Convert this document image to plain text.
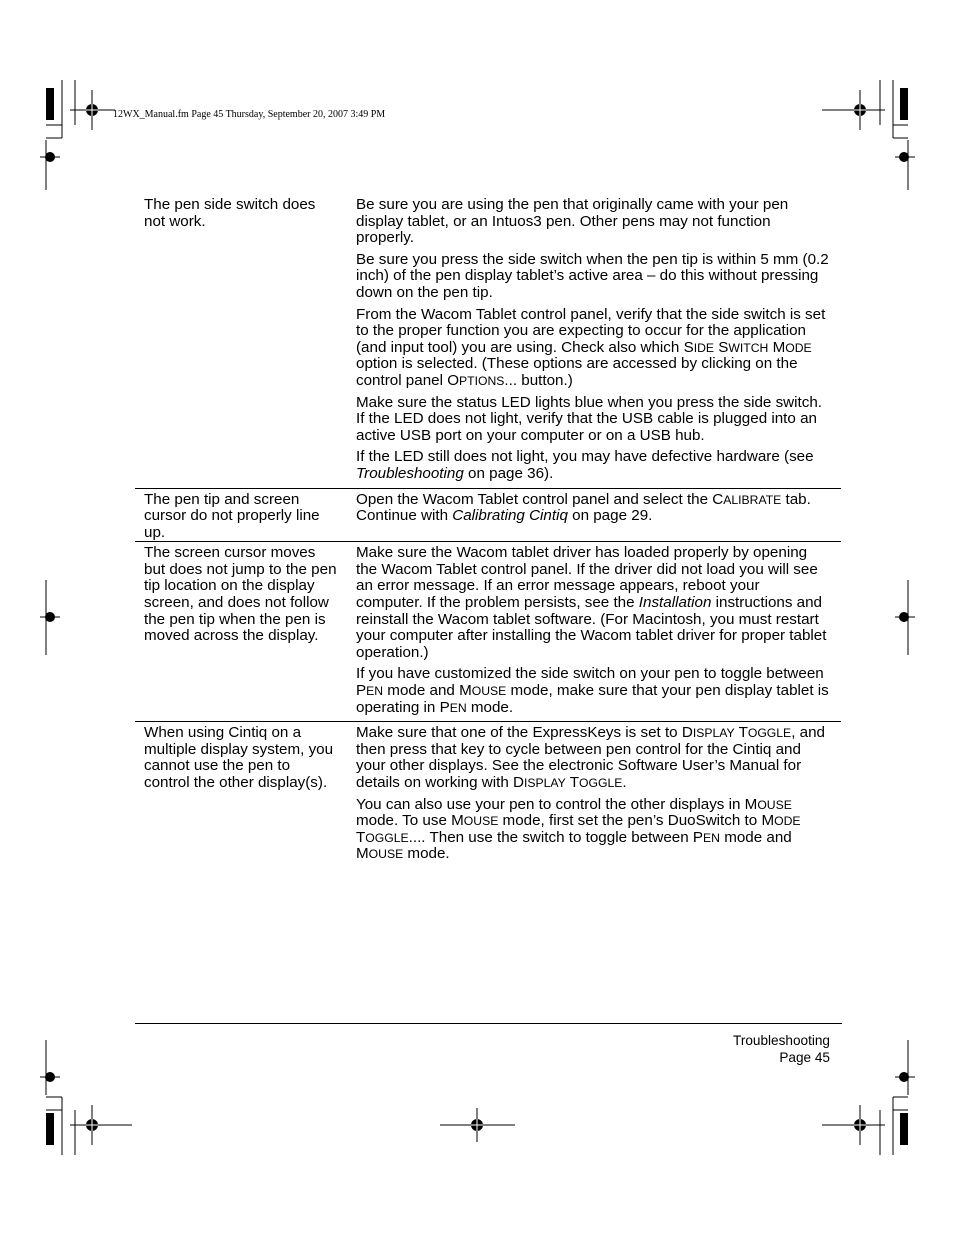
12WX_Manual.fm Page 45 Thursday, September 20, 2007 3:49 PM
The pen side switch does not work.

Be sure you are using the pen that originally came with your pen display tablet, or an Intuos3 pen. Other pens may not function properly.

Be sure you press the side switch when the pen tip is within 5 mm (0.2 inch) of the pen display tablet’s active area – do this without pressing down on the pen tip.

From the Wacom Tablet control panel, verify that the side switch is set to the proper function you are expecting to occur for the application (and input tool) you are using. Check also which SIDE SWITCH MODE option is selected. (These options are accessed by clicking on the control panel OPTIONS... button.)

Make sure the status LED lights blue when you press the side switch. If the LED does not light, verify that the USB cable is plugged into an active USB port on your computer or on a USB hub.

If the LED still does not light, you may have defective hardware (see Troubleshooting on page 36).

The pen tip and screen cursor do not properly line up.

Open the Wacom Tablet control panel and select the CALIBRATE tab. Continue with Calibrating Cintiq on page 29.

The screen cursor moves but does not jump to the pen tip location on the display screen, and does not follow the pen tip when the pen is moved across the display.

Make sure the Wacom tablet driver has loaded properly by opening the Wacom Tablet control panel. If the driver did not load you will see an error message. If an error message appears, reboot your computer. If the problem persists, see the Installation instructions and reinstall the Wacom tablet software. (For Macintosh, you must restart your computer after installing the Wacom tablet driver for proper tablet operation.)

If you have customized the side switch on your pen to toggle between PEN mode and MOUSE mode, make sure that your pen display tablet is operating in PEN mode.

When using Cintiq on a multiple display system, you cannot use the pen to control the other display(s).

Make sure that one of the ExpressKeys is set to DISPLAY TOGGLE, and then press that key to cycle between pen control for the Cintiq and your other displays. See the electronic Software User’s Manual for details on working with DISPLAY TOGGLE.

You can also use your pen to control the other displays in MOUSE mode. To use MOUSE mode, first set the pen’s DuoSwitch to MODE TOGGLE.... Then use the switch to toggle between PEN mode and MOUSE mode.

Troubleshooting
Page 45
